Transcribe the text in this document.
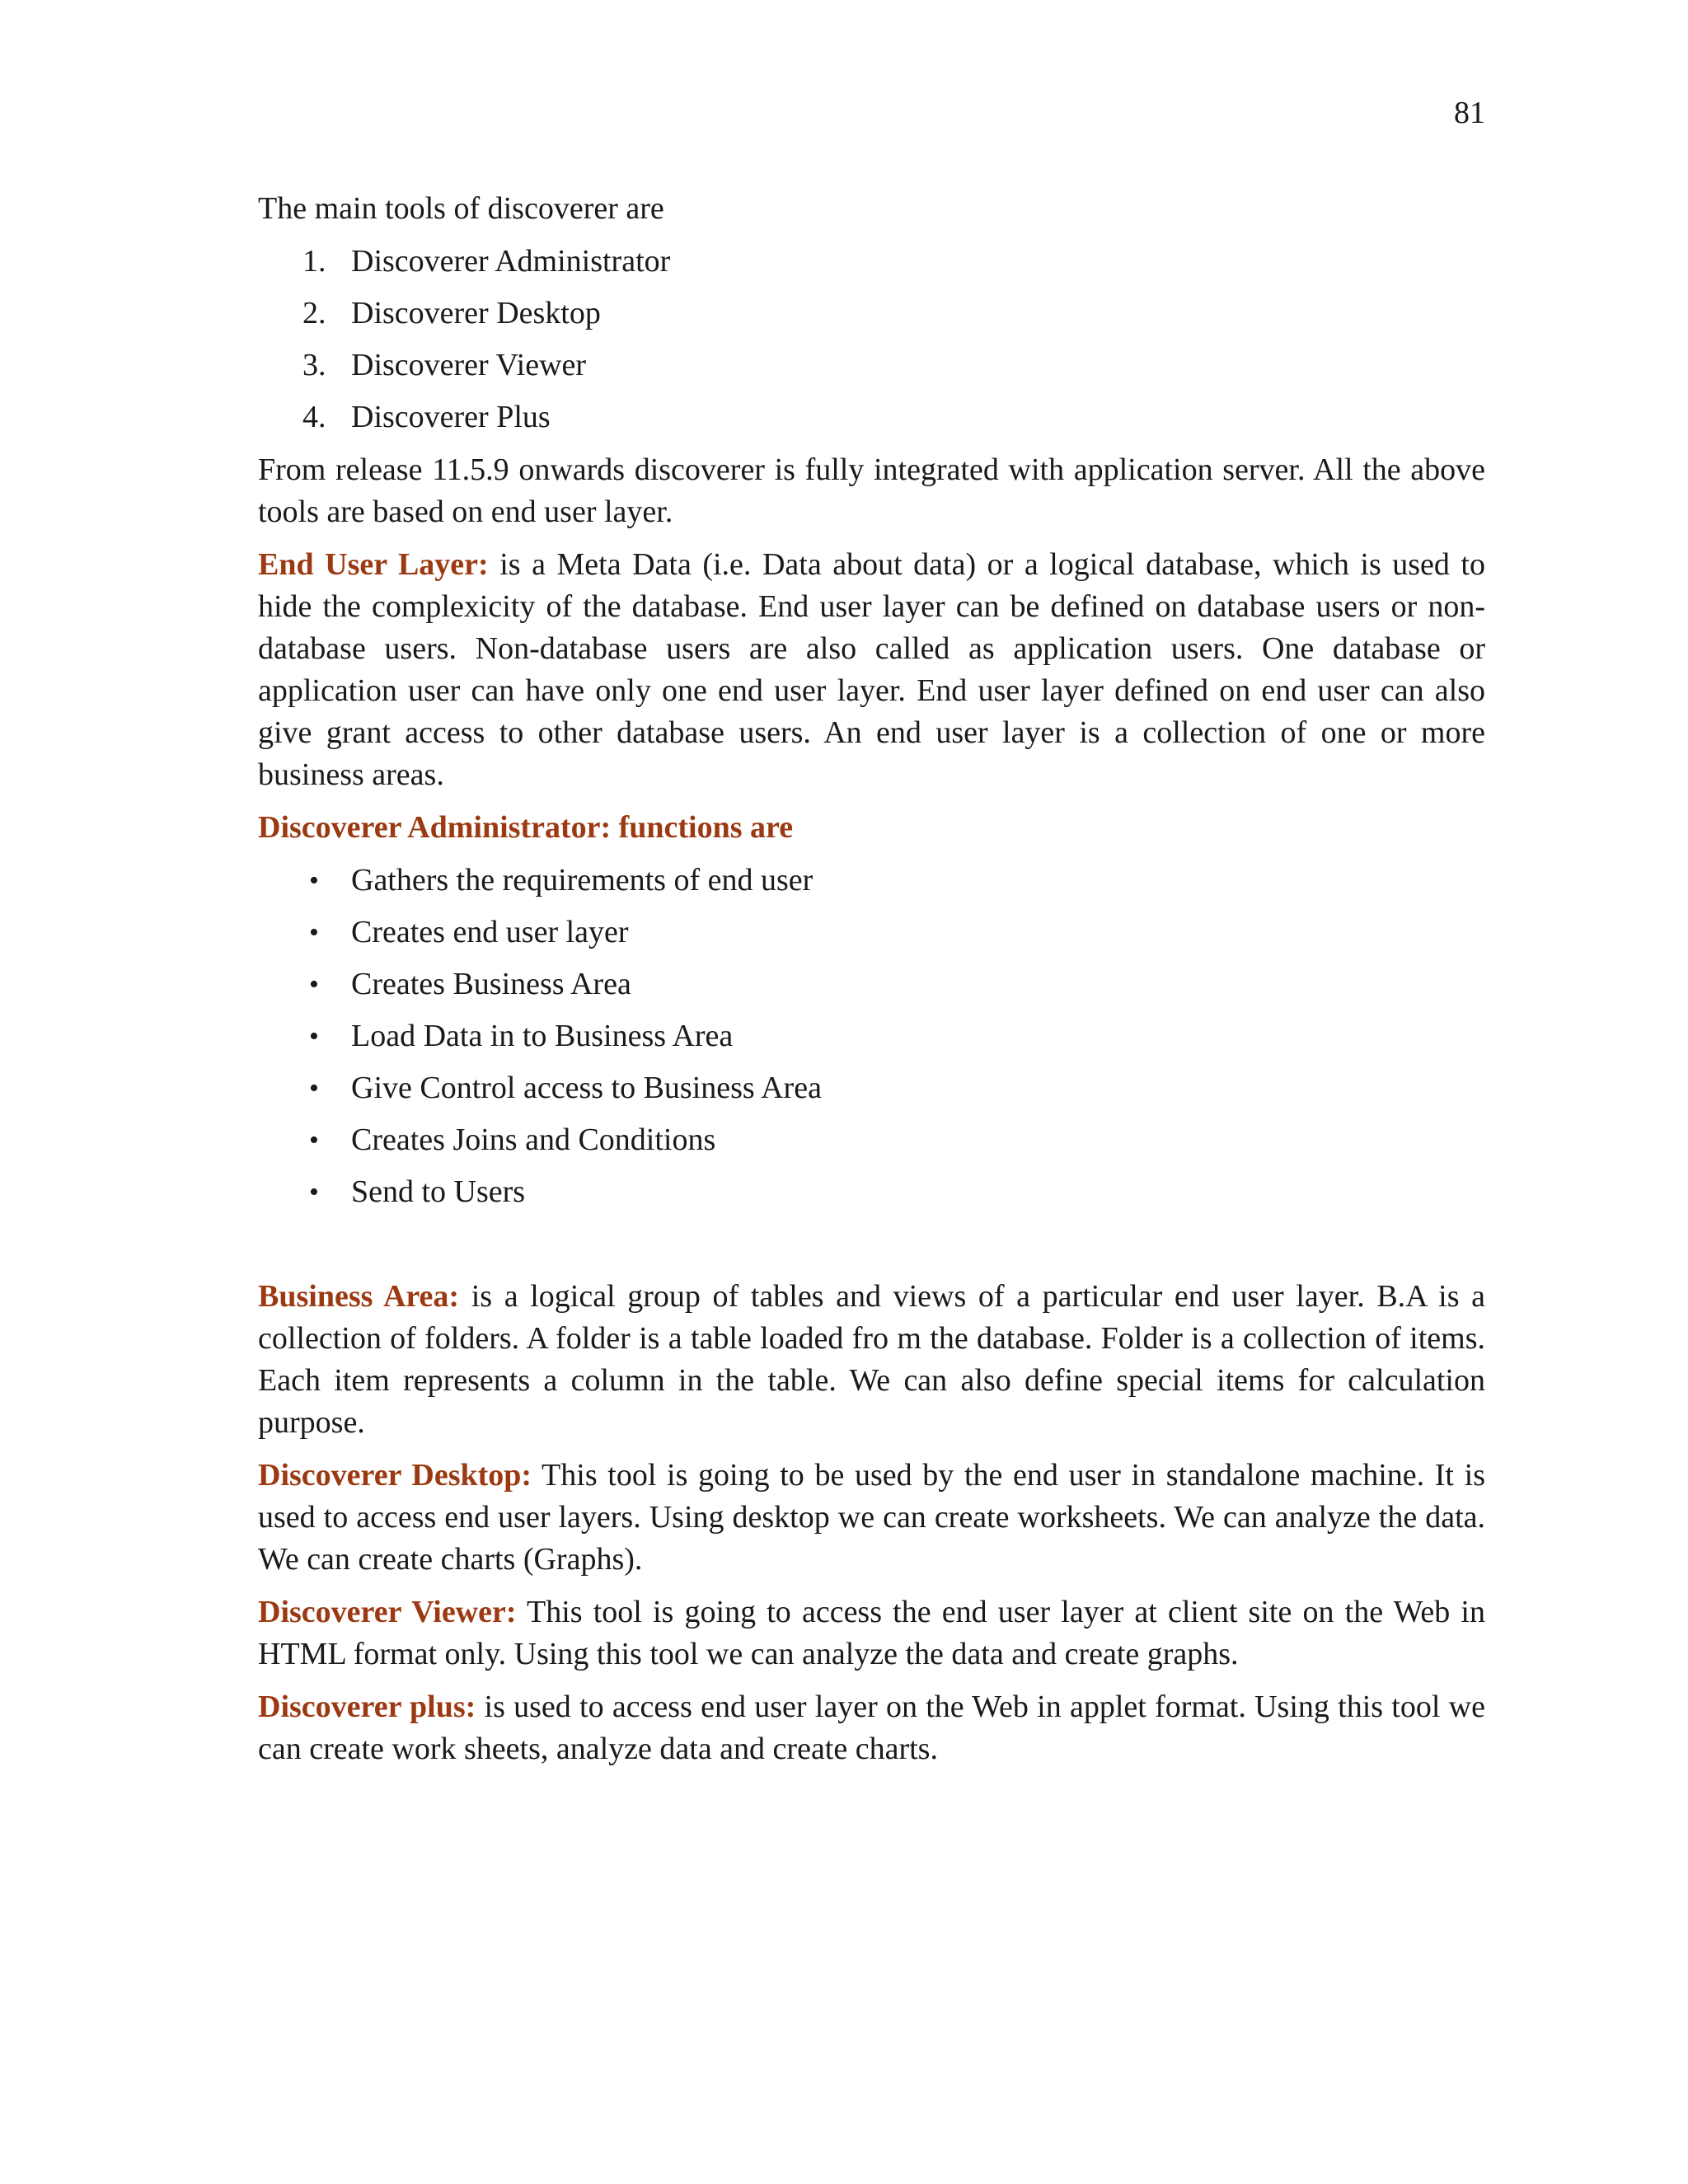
81

The main tools of discoverer are

1. Discoverer Administrator
2. Discoverer Desktop
3. Discoverer Viewer
4. Discoverer Plus

From release 11.5.9 onwards discoverer is fully integrated with application server. All the above tools are based on end user layer.

End User Layer: is a Meta Data (i.e. Data about data) or a logical database, which is used to hide the complexicity of the database. End user layer can be defined on database users or non-database users. Non-database users are also called as application users. One database or application user can have only one end user layer. End user layer defined on end user can also give grant access to other database users. An end user layer is a collection of one or more business areas.

Discoverer Administrator: functions are

•	Gathers the requirements of end user
•	Creates end user layer
•	Creates Business Area
•	Load Data in to Business Area
•	Give Control access to Business Area
•	Creates Joins and Conditions
•	Send to Users

Business Area: is a logical group of tables and views of a particular end user layer. B.A is a collection of folders. A folder is a table loaded fro m the database. Folder is a collection of items. Each item represents a column in the table. We can also define special items for calculation purpose.

Discoverer Desktop: This tool is going to be used by the end user in standalone machine. It is used to access end user layers. Using desktop we can create worksheets. We can analyze the data. We can create charts (Graphs).

Discoverer Viewer: This tool is going to access the end user layer at client site on the Web in HTML format only. Using this tool we can analyze the data and create graphs.

Discoverer plus: is used to access end user layer on the Web in applet format. Using this tool we can create work sheets, analyze data and create charts.
